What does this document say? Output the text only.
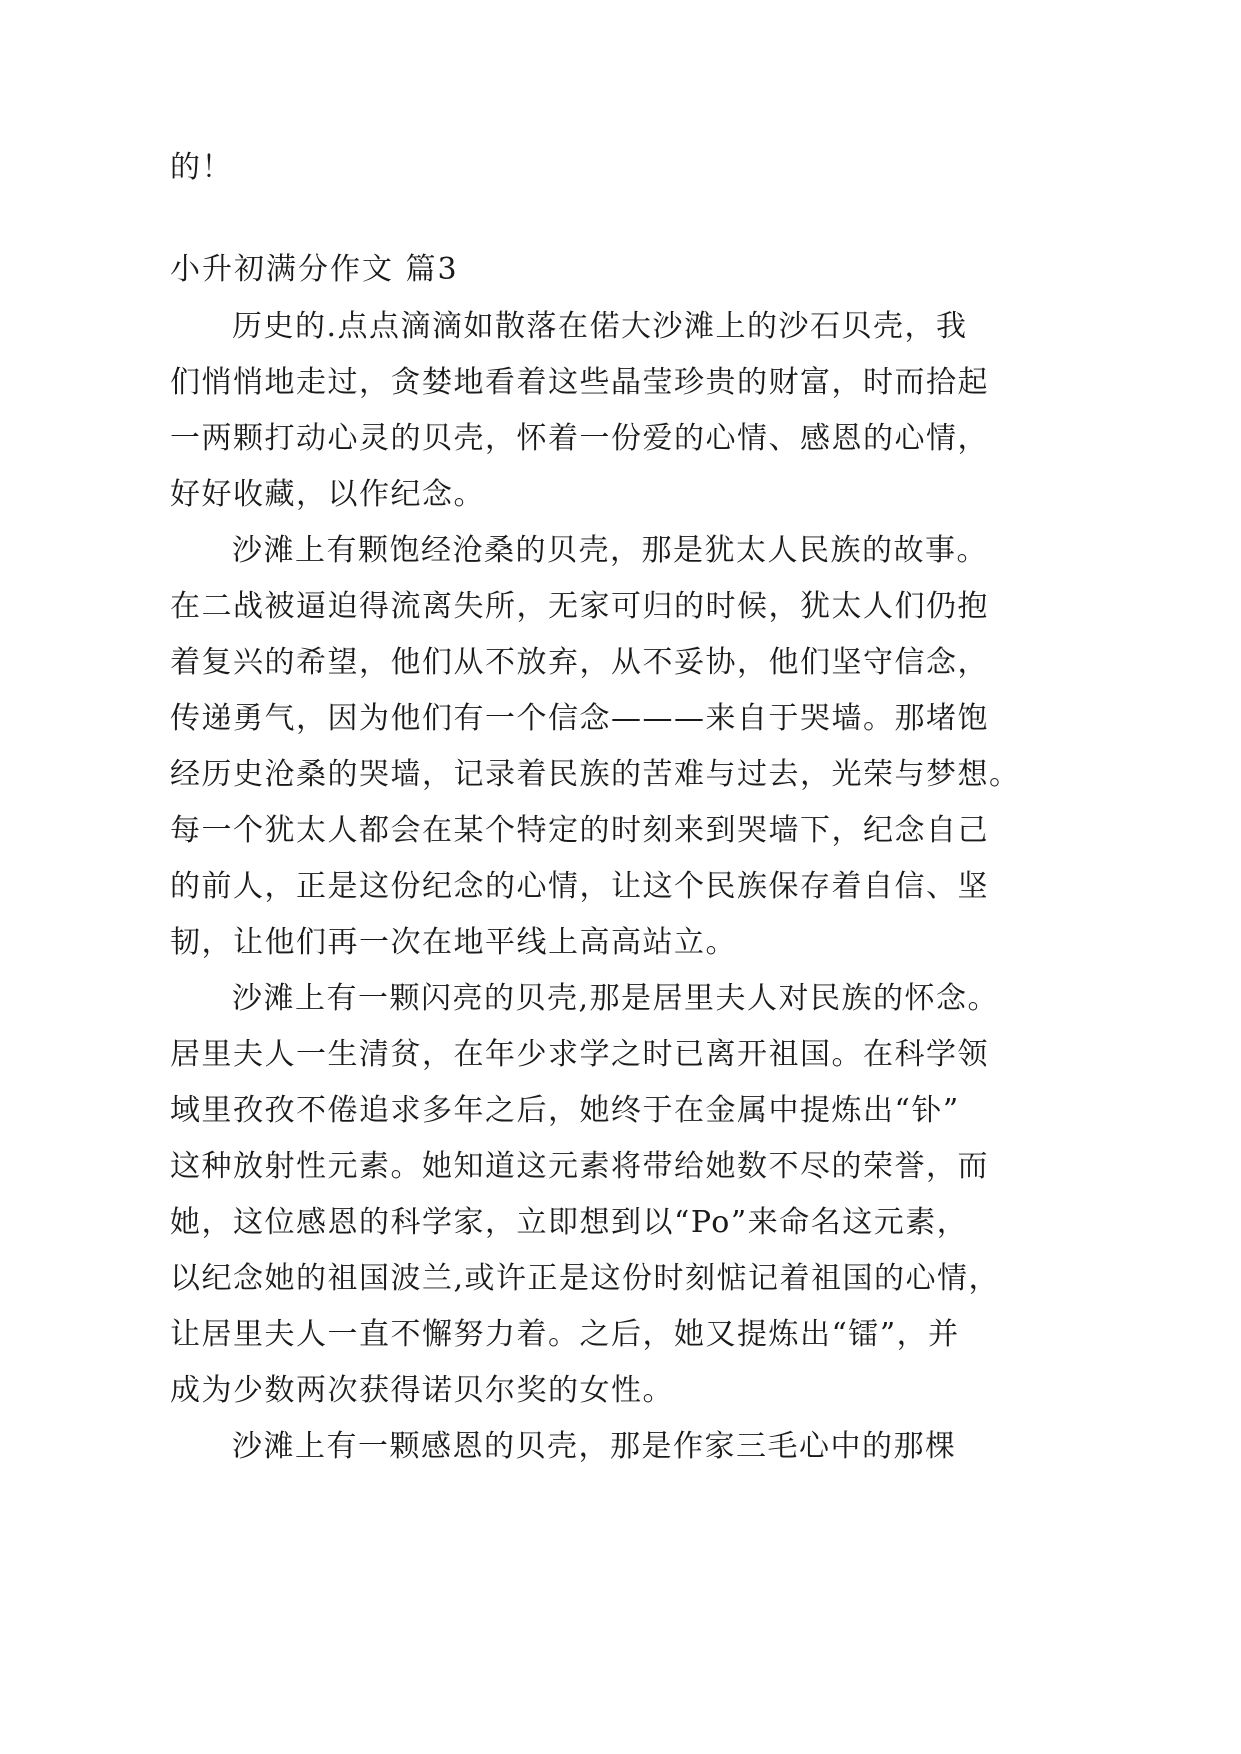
的！
小升初满分作文 篇3
历史的.点点滴滴如散落在偌大沙滩上的沙石贝壳，我
们悄悄地走过，贪婪地看着这些晶莹珍贵的财富，时而拾起
一两颗打动心灵的贝壳，怀着一份爱的心情、感恩的心情，
好好收藏，以作纪念。
沙滩上有颗饱经沧桑的贝壳，那是犹太人民族的故事。
在二战被逼迫得流离失所，无家可归的时候，犹太人们仍抱
着复兴的希望，他们从不放弃，从不妥协，他们坚守信念，
传递勇气，因为他们有一个信念———来自于哭墙。那堵饱
经历史沧桑的哭墙，记录着民族的苦难与过去，光荣与梦想。
每一个犹太人都会在某个特定的时刻来到哭墙下，纪念自己
的前人，正是这份纪念的心情，让这个民族保存着自信、坚
韧，让他们再一次在地平线上高高站立。
沙滩上有一颗闪亮的贝壳,那是居里夫人对民族的怀念。
居里夫人一生清贫，在年少求学之时已离开祖国。在科学领
域里孜孜不倦追求多年之后，她终于在金属中提炼出“钋”
这种放射性元素。她知道这元素将带给她数不尽的荣誉，而
她，这位感恩的科学家，立即想到以“Po”来命名这元素，
以纪念她的祖国波兰,或许正是这份时刻惦记着祖国的心情，
让居里夫人一直不懈努力着。之后，她又提炼出“镭”，并
成为少数两次获得诺贝尔奖的女性。
沙滩上有一颗感恩的贝壳，那是作家三毛心中的那棵
